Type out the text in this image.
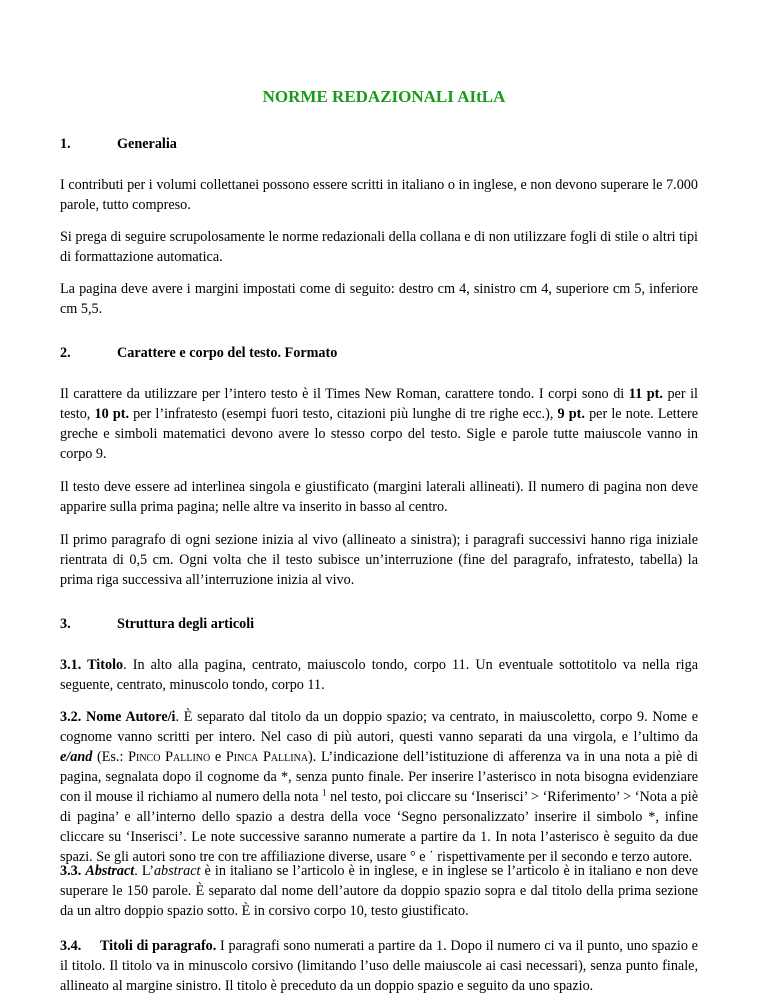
NORME REDAZIONALI AItLA
1.	Generalia

I contributi per i volumi collettanei possono essere scritti in italiano o in inglese, e non devono superare le 7.000 parole, tutto compreso.

Si prega di seguire scrupolosamente le norme redazionali della collana e di non utilizzare fogli di stile o altri tipi di formattazione automatica.

La pagina deve avere i margini impostati come di seguito: destro cm 4, sinistro cm 4, superiore cm 5, inferiore cm 5,5.

2.	Carattere e corpo del testo. Formato

Il carattere da utilizzare per l’intero testo è il Times New Roman, carattere tondo. I corpi sono di 11 pt. per il testo, 10 pt. per l’infratesto (esempi fuori testo, citazioni più lunghe di tre righe ecc.), 9 pt. per le note. Lettere greche e simboli matematici devono avere lo stesso corpo del testo. Sigle e parole tutte maiuscole vanno in corpo 9.

Il testo deve essere ad interlinea singola e giustificato (margini laterali allineati). Il numero di pagina non deve apparire sulla prima pagina; nelle altre va inserito in basso al centro.

Il primo paragrafo di ogni sezione inizia al vivo (allineato a sinistra); i paragrafi successivi hanno riga iniziale rientrata di 0,5 cm. Ogni volta che il testo subisce un’interruzione (fine del paragrafo, infratesto, tabella) la prima riga successiva all’interruzione inizia al vivo.

3.	Struttura degli articoli

3.1. Titolo. In alto alla pagina, centrato, maiuscolo tondo, corpo 11. Un eventuale sottotitolo va nella riga seguente, centrato, minuscolo tondo, corpo 11.

3.2. Nome Autore/i. È separato dal titolo da un doppio spazio; va centrato, in maiuscoletto, corpo 9. Nome e cognome vanno scritti per intero. Nel caso di più autori, questi vanno separati da una virgola, e l’ultimo da e/and (Es.: Pinco Pallino e Pinca Pallina). L’indicazione dell’istituzione di afferenza va in una nota a piè di pagina, segnalata dopo il cognome da *, senza punto finale. Per inserire l’asterisco in nota bisogna evidenziare con il mouse il richiamo al numero della nota $^1$ nel testo, poi cliccare su ‘Inserisci’ > ‘Riferimento’ > ‘Nota a piè di pagina’ e all’interno dello spazio a destra della voce ‘Segno personalizzato’ inserire il simbolo *, infine cliccare su ‘Inserisci’. Le note successive saranno numerate a partire da 1. In nota l’asterisco è seguito da due spazi. Se gli autori sono tre con tre affiliazione diverse, usare ° e ˙ rispettivamente per il secondo e terzo autore.

3.3. Abstract. L’abstract è in italiano se l’articolo è in inglese, e in inglese se l’articolo è in italiano e non deve superare le 150 parole. È separato dal nome dell’autore da doppio spazio sopra e dal titolo della prima sezione da un altro doppio spazio sotto. È in corsivo corpo 10, testo giustificato.

3.4. Titoli di paragrafo. I paragrafi sono numerati a partire da 1. Dopo il numero ci va il punto, uno spazio e il titolo. Il titolo va in minuscolo corsivo (limitando l’uso delle maiuscole ai casi necessari), senza punto finale, allineato al margine sinistro. Il titolo è preceduto da un doppio spazio e seguito da uno spazio.
